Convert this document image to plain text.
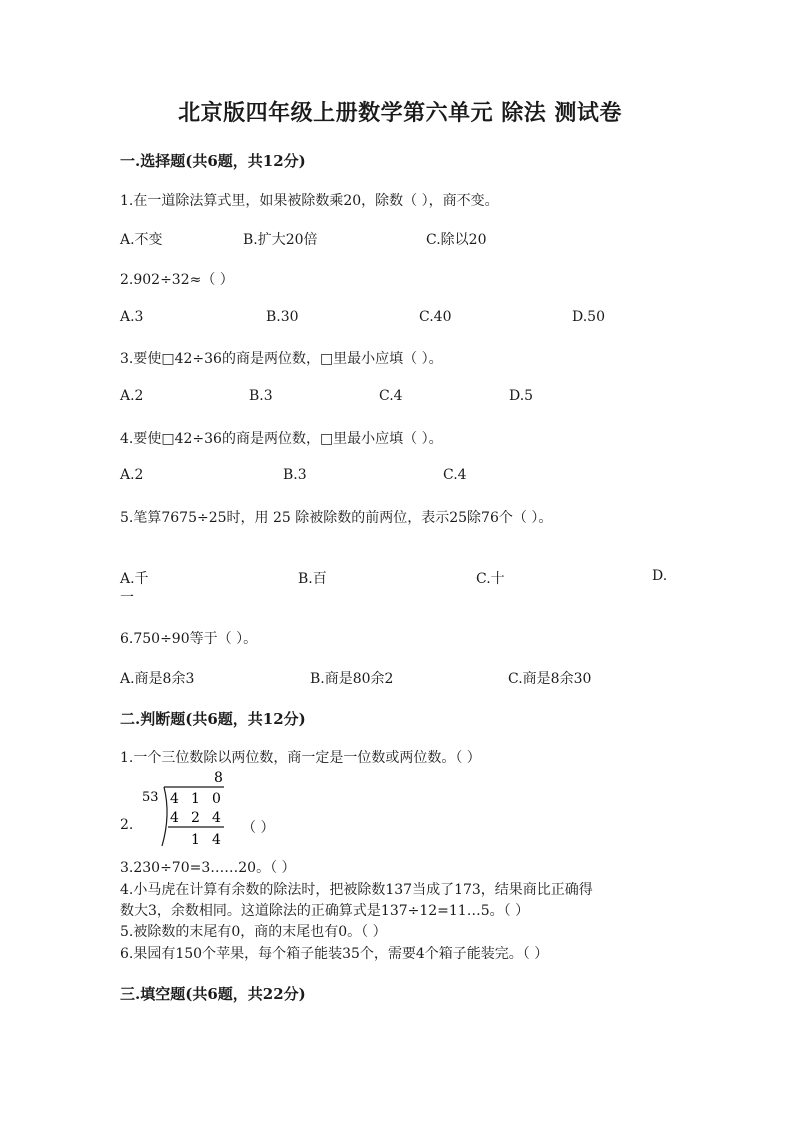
北京版四年级上册数学第六单元 除法 测试卷
一.选择题(共6题，共12分)
1.在一道除法算式里，如果被除数乘20，除数（ ），商不变。
A.不变	B.扩大20倍	C.除以20
2.902÷32≈（ ）
A.3	B.30	C.40	D.50
3.要使□42÷36的商是两位数，□里最小应填（ ）。
A.2	B.3	C.4	D.5
4.要使□42÷36的商是两位数，□里最小应填（ ）。
A.2	B.3	C.4
5.笔算7675÷25时，用 25 除被除数的前两位，表示25除76个（ ）。
A.千	B.百	C.十	D.
一
6.750÷90等于（ ）。
A.商是8余3	B.商是80余2	C.商是8余30
二.判断题(共6题，共12分)
1.一个三位数除以两位数，商一定是一位数或两位数。（ ）
8
53 4 1 0
4 2 4
1 4
2.	（ ）
3.230÷70=3……20。（ ）
4.小马虎在计算有余数的除法时，把被除数137当成了173，结果商比正确得
数大3，余数相同。这道除法的正确算式是137÷12=11…5。（ ）
5.被除数的末尾有0，商的末尾也有0。（ ）
6.果园有150个苹果，每个箱子能装35个，需要4个箱子能装完。（ ）
三.填空题(共6题，共22分)
